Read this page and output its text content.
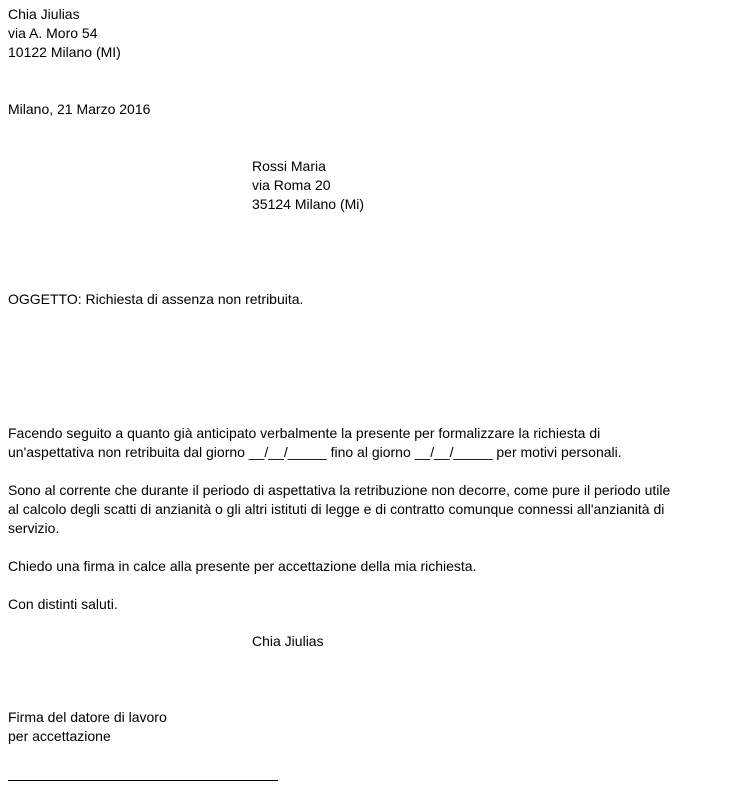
Chia Jiulias
via A. Moro 54
10122 Milano (MI)
Milano, 21 Marzo 2016
Rossi Maria
via Roma 20
35124 Milano (Mi)
OGGETTO: Richiesta di assenza non retribuita.
Facendo seguito a quanto già anticipato verbalmente la presente per formalizzare la richiesta di
un'aspettativa non retribuita dal giorno __/__/_____ fino al giorno __/__/_____ per motivi personali.
Sono al corrente che durante il periodo di aspettativa la retribuzione non decorre, come pure il periodo utile
al calcolo degli scatti di anzianità o gli altri istituti di legge e di contratto comunque connessi all'anzianità di
servizio.
Chiedo una firma in calce alla presente per accettazione della mia richiesta.
Con distinti saluti.
Chia Jiulias
Firma del datore di lavoro
per accettazione
